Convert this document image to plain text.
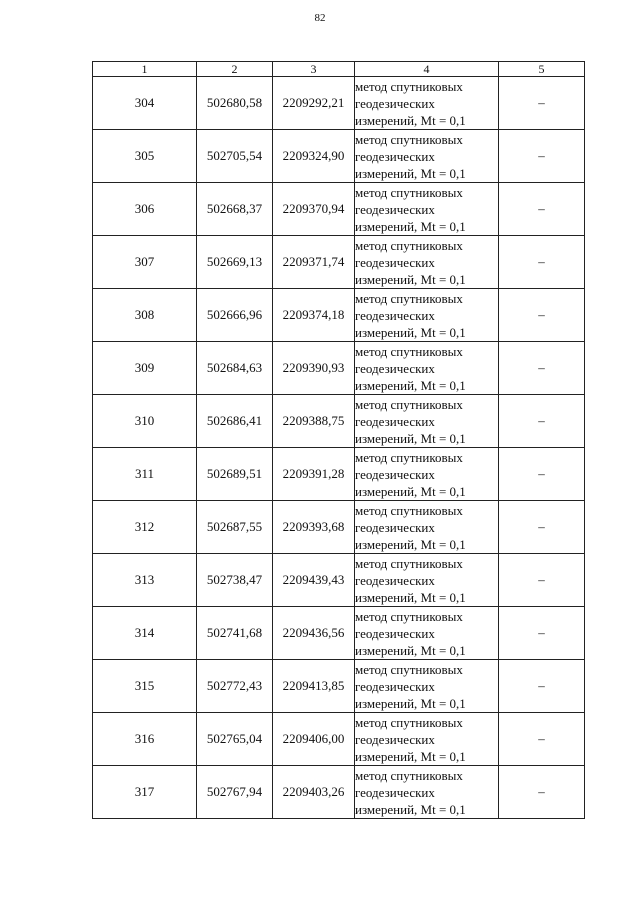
82
1	2	3	4	5
304	502680,58	2209292,21	метод спутниковых
геодезических
измерений, Mt = 0,1	–
305	502705,54	2209324,90	метод спутниковых
геодезических
измерений, Mt = 0,1	–
306	502668,37	2209370,94	метод спутниковых
геодезических
измерений, Mt = 0,1	–
307	502669,13	2209371,74	метод спутниковых
геодезических
измерений, Mt = 0,1	–
308	502666,96	2209374,18	метод спутниковых
геодезических
измерений, Mt = 0,1	–
309	502684,63	2209390,93	метод спутниковых
геодезических
измерений, Mt = 0,1	–
310	502686,41	2209388,75	метод спутниковых
геодезических
измерений, Mt = 0,1	–
311	502689,51	2209391,28	метод спутниковых
геодезических
измерений, Mt = 0,1	–
312	502687,55	2209393,68	метод спутниковых
геодезических
измерений, Mt = 0,1	–
313	502738,47	2209439,43	метод спутниковых
геодезических
измерений, Mt = 0,1	–
314	502741,68	2209436,56	метод спутниковых
геодезических
измерений, Mt = 0,1	–
315	502772,43	2209413,85	метод спутниковых
геодезических
измерений, Mt = 0,1	–
316	502765,04	2209406,00	метод спутниковых
геодезических
измерений, Mt = 0,1	–
317	502767,94	2209403,26	метод спутниковых
геодезических
измерений, Mt = 0,1	–
